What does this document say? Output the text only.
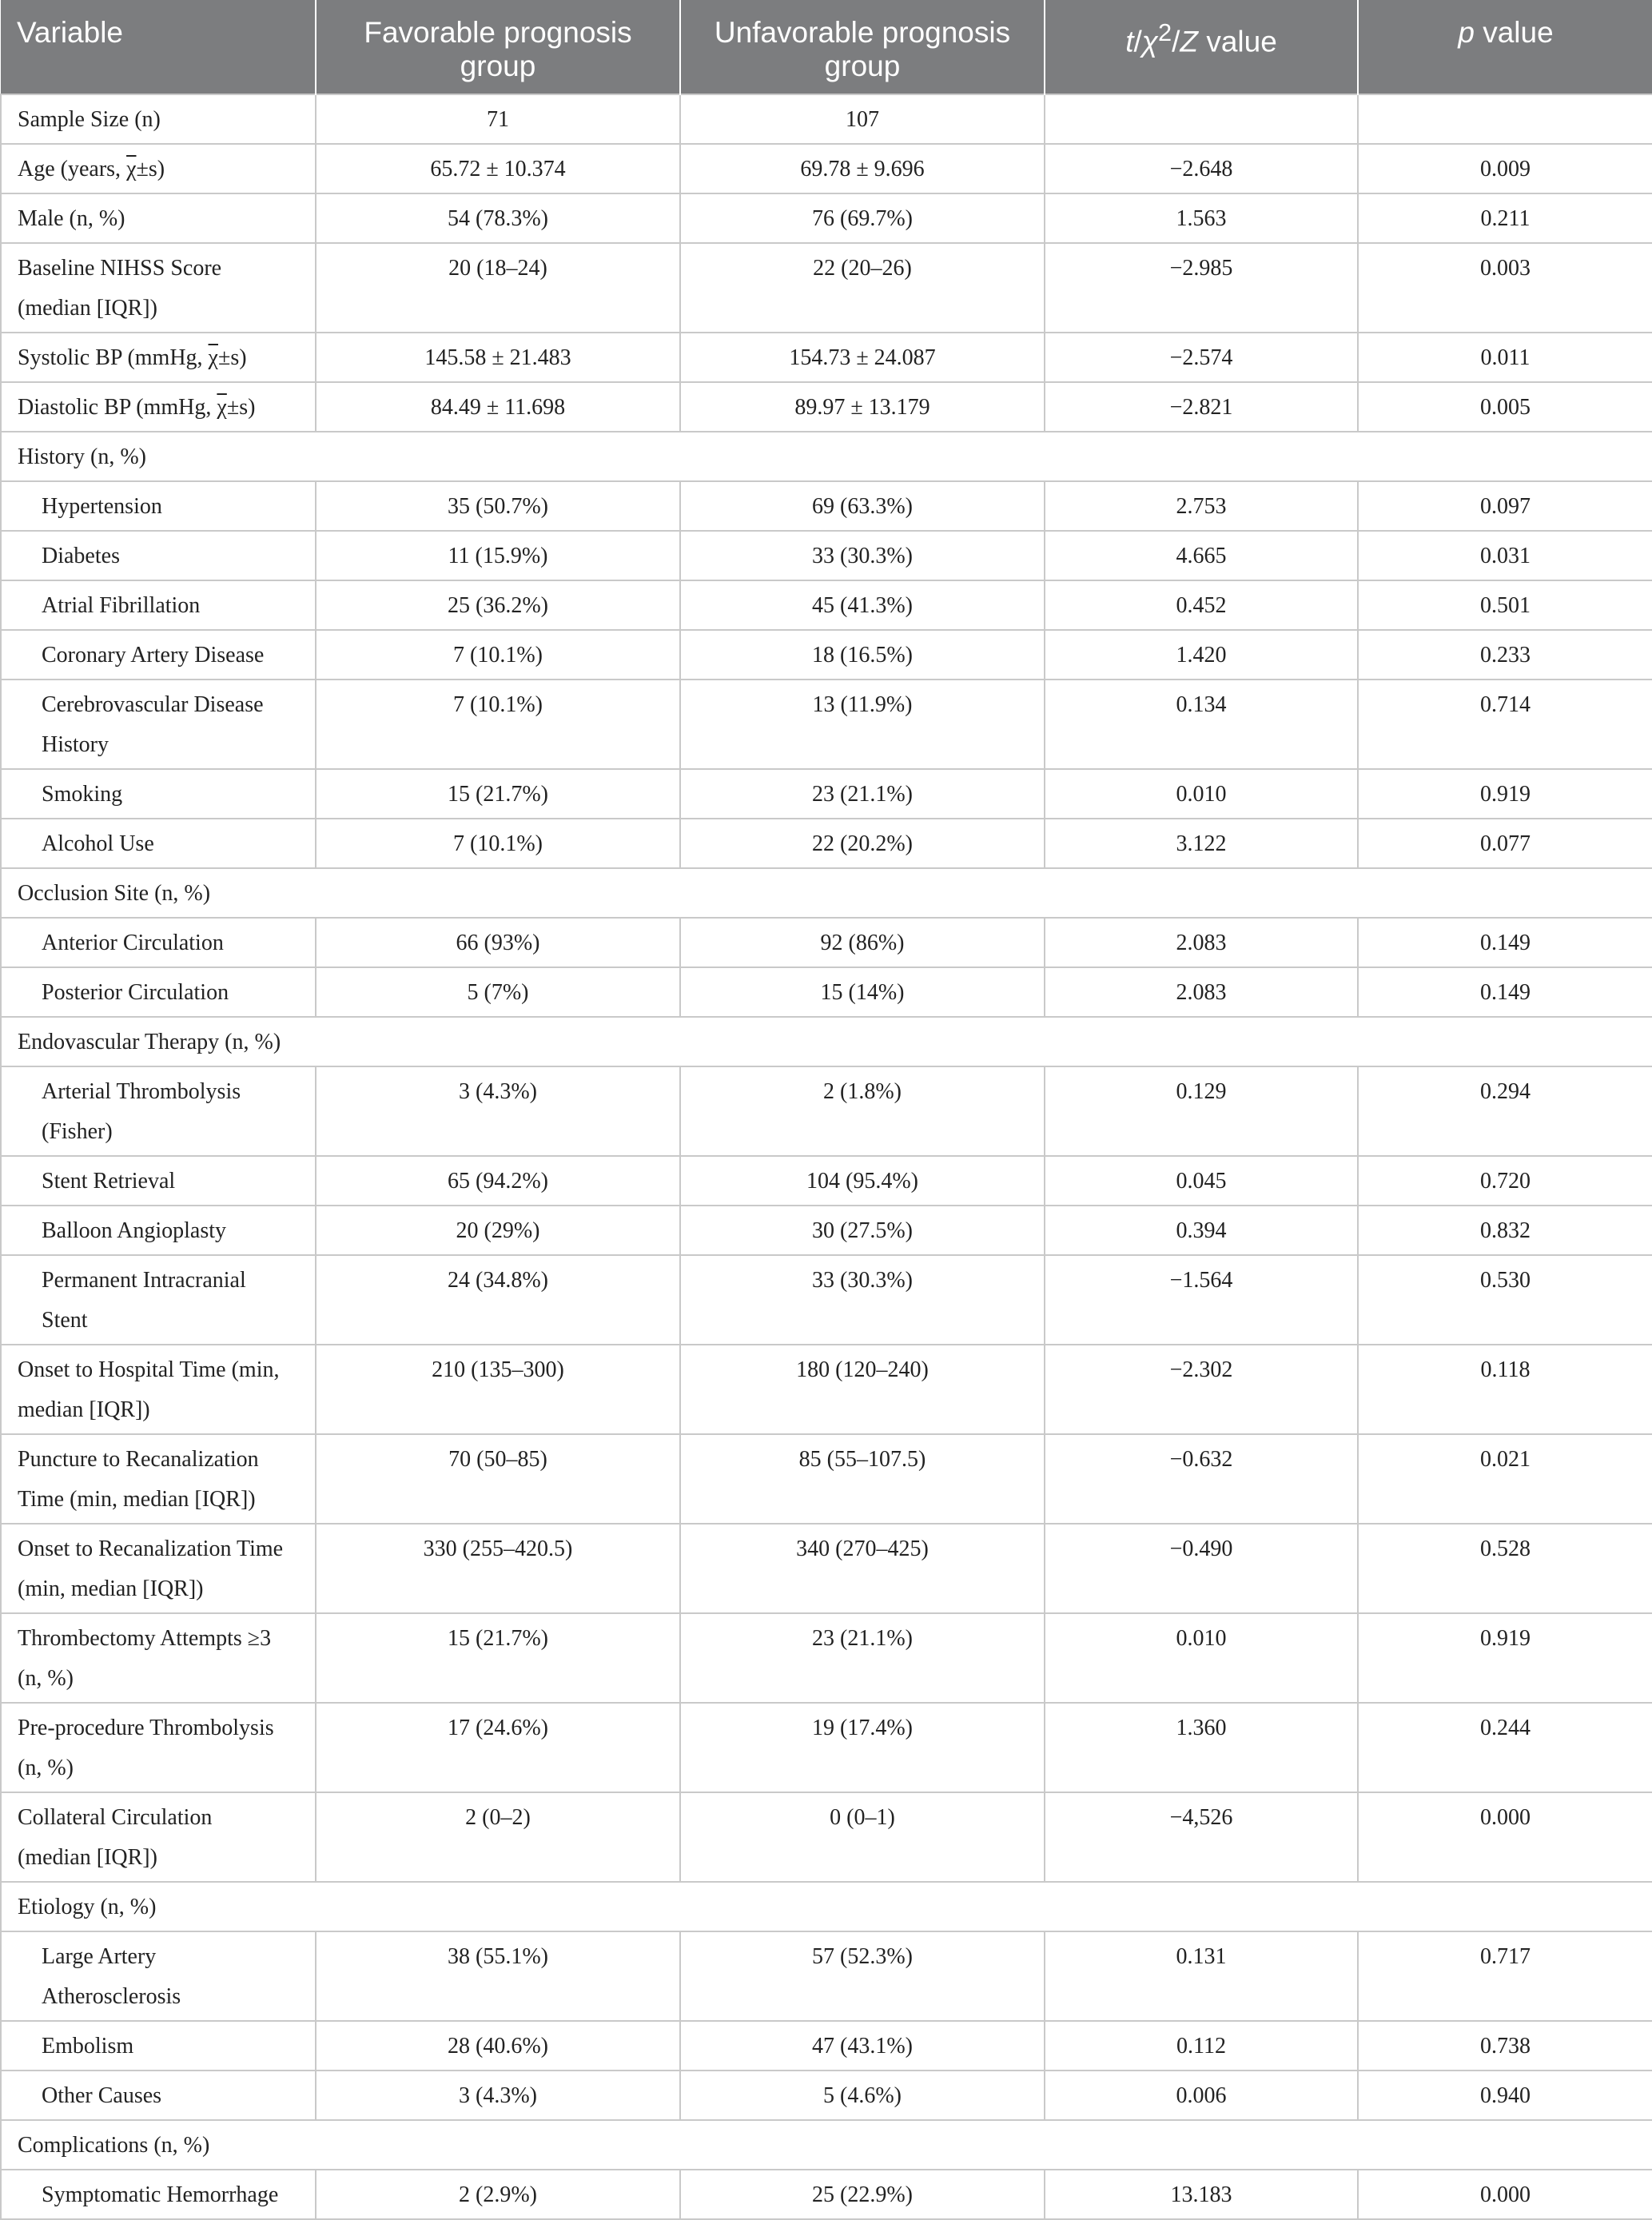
Variable	Favorable prognosis group	Unfavorable prognosis group	$t/\chi^2/Z$ value	p value
Sample Size (n)	71	107		
Age (years, $\overline{\chi}\pm s$)	65.72 ± 10.374	69.78 ± 9.696	−2.648	0.009
Male (n, %)	54 (78.3%)	76 (69.7%)	1.563	0.211
Baseline NIHSS Score
(median [IQR])	20 (18–24)	22 (20–26)	−2.985	0.003
Systolic BP (mmHg, $\overline{\chi}\pm s$)	145.58 ± 21.483	154.73 ± 24.087	−2.574	0.011
Diastolic BP (mmHg, $\overline{\chi}\pm s$)	84.49 ± 11.698	89.97 ± 13.179	−2.821	0.005
History (n, %)				
Hypertension	35 (50.7%)	69 (63.3%)	2.753	0.097
Diabetes	11 (15.9%)	33 (30.3%)	4.665	0.031
Atrial Fibrillation	25 (36.2%)	45 (41.3%)	0.452	0.501
Coronary Artery Disease	7 (10.1%)	18 (16.5%)	1.420	0.233
Cerebrovascular Disease
History	7 (10.1%)	13 (11.9%)	0.134	0.714
Smoking	15 (21.7%)	23 (21.1%)	0.010	0.919
Alcohol Use	7 (10.1%)	22 (20.2%)	3.122	0.077
Occlusion Site (n, %)				
Anterior Circulation	66 (93%)	92 (86%)	2.083	0.149
Posterior Circulation	5 (7%)	15 (14%)	2.083	0.149
Endovascular Therapy (n, %)				
Arterial Thrombolysis
(Fisher)	3 (4.3%)	2 (1.8%)	0.129	0.294
Stent Retrieval	65 (94.2%)	104 (95.4%)	0.045	0.720
Balloon Angioplasty	20 (29%)	30 (27.5%)	0.394	0.832
Permanent Intracranial
Stent	24 (34.8%)	33 (30.3%)	−1.564	0.530
Onset to Hospital Time (min,
median [IQR])	210 (135–300)	180 (120–240)	−2.302	0.118
Puncture to Recanalization
Time (min, median [IQR])	70 (50–85)	85 (55–107.5)	−0.632	0.021
Onset to Recanalization Time
(min, median [IQR])	330 (255–420.5)	340 (270–425)	−0.490	0.528
Thrombectomy Attempts ≥3
(n, %)	15 (21.7%)	23 (21.1%)	0.010	0.919
Pre-procedure Thrombolysis
(n, %)	17 (24.6%)	19 (17.4%)	1.360	0.244
Collateral Circulation
(median [IQR])	2 (0–2)	0 (0–1)	−4,526	0.000
Etiology (n, %)				
Large Artery
Atherosclerosis	38 (55.1%)	57 (52.3%)	0.131	0.717
Embolism	28 (40.6%)	47 (43.1%)	0.112	0.738
Other Causes	3 (4.3%)	5 (4.6%)	0.006	0.940
Complications (n, %)				
Symptomatic Hemorrhage	2 (2.9%)	25 (22.9%)	13.183	0.000
